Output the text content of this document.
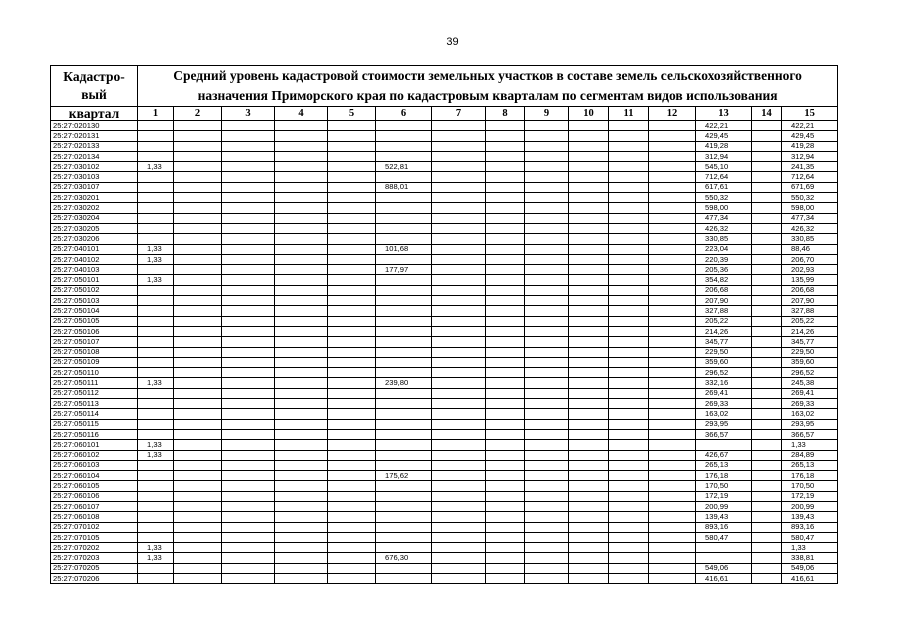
39
Кадастро-
вый	Средний уровень кадастровой стоимости земельных участков в составе земель сельскохозяйственного назначения Приморского края по кадастровым кварталам по сегментам видов использования														

квартал	1	2	3	4	5	6	7	8	9	10	11	12	13	14	15
25:27:020130													422,21		422,21
25:27:020131													429,45		429,45
25:27:020133													419,28		419,28
25:27:020134													312,94		312,94
25:27:030102	1,33					522,81							545,10		241,35
25:27:030103													712,64		712,64
25:27:030107						888,01							617,61		671,69
25:27:030201													550,32		550,32
25:27:030202													598,00		598,00
25:27:030204													477,34		477,34
25:27:030205													426,32		426,32
25:27:030206													330,85		330,85
25:27:040101	1,33					101,68							223,04		88,46
25:27:040102	1,33												220,39		206,70
25:27:040103						177,97							205,36		202,93
25:27:050101	1,33												354,82		135,99
25:27:050102													206,68		206,68
25:27:050103													207,90		207,90
25:27:050104													327,88		327,88
25:27:050105													205,22		205,22
25:27:050106													214,26		214,26
25:27:050107													345,77		345,77
25:27:050108													229,50		229,50
25:27:050109													359,60		359,60
25:27:050110													296,52		296,52
25:27:050111	1,33					239,80							332,16		245,38
25:27:050112													269,41		269,41
25:27:050113													269,33		269,33
25:27:050114													163,02		163,02
25:27:050115													293,95		293,95
25:27:050116													366,57		366,57
25:27:060101	1,33														1,33
25:27:060102	1,33												426,67		284,89
25:27:060103													265,13		265,13
25:27:060104						175,62							176,18		176,18
25:27:060105													170,50		170,50
25:27:060106													172,19		172,19
25:27:060107													200,99		200,99
25:27:060108													139,43		139,43
25:27:070102													893,16		893,16
25:27:070105													580,47		580,47
25:27:070202	1,33														1,33
25:27:070203	1,33					676,30									338,81
25:27:070205													549,06		549,06
25:27:070206													416,61		416,61
